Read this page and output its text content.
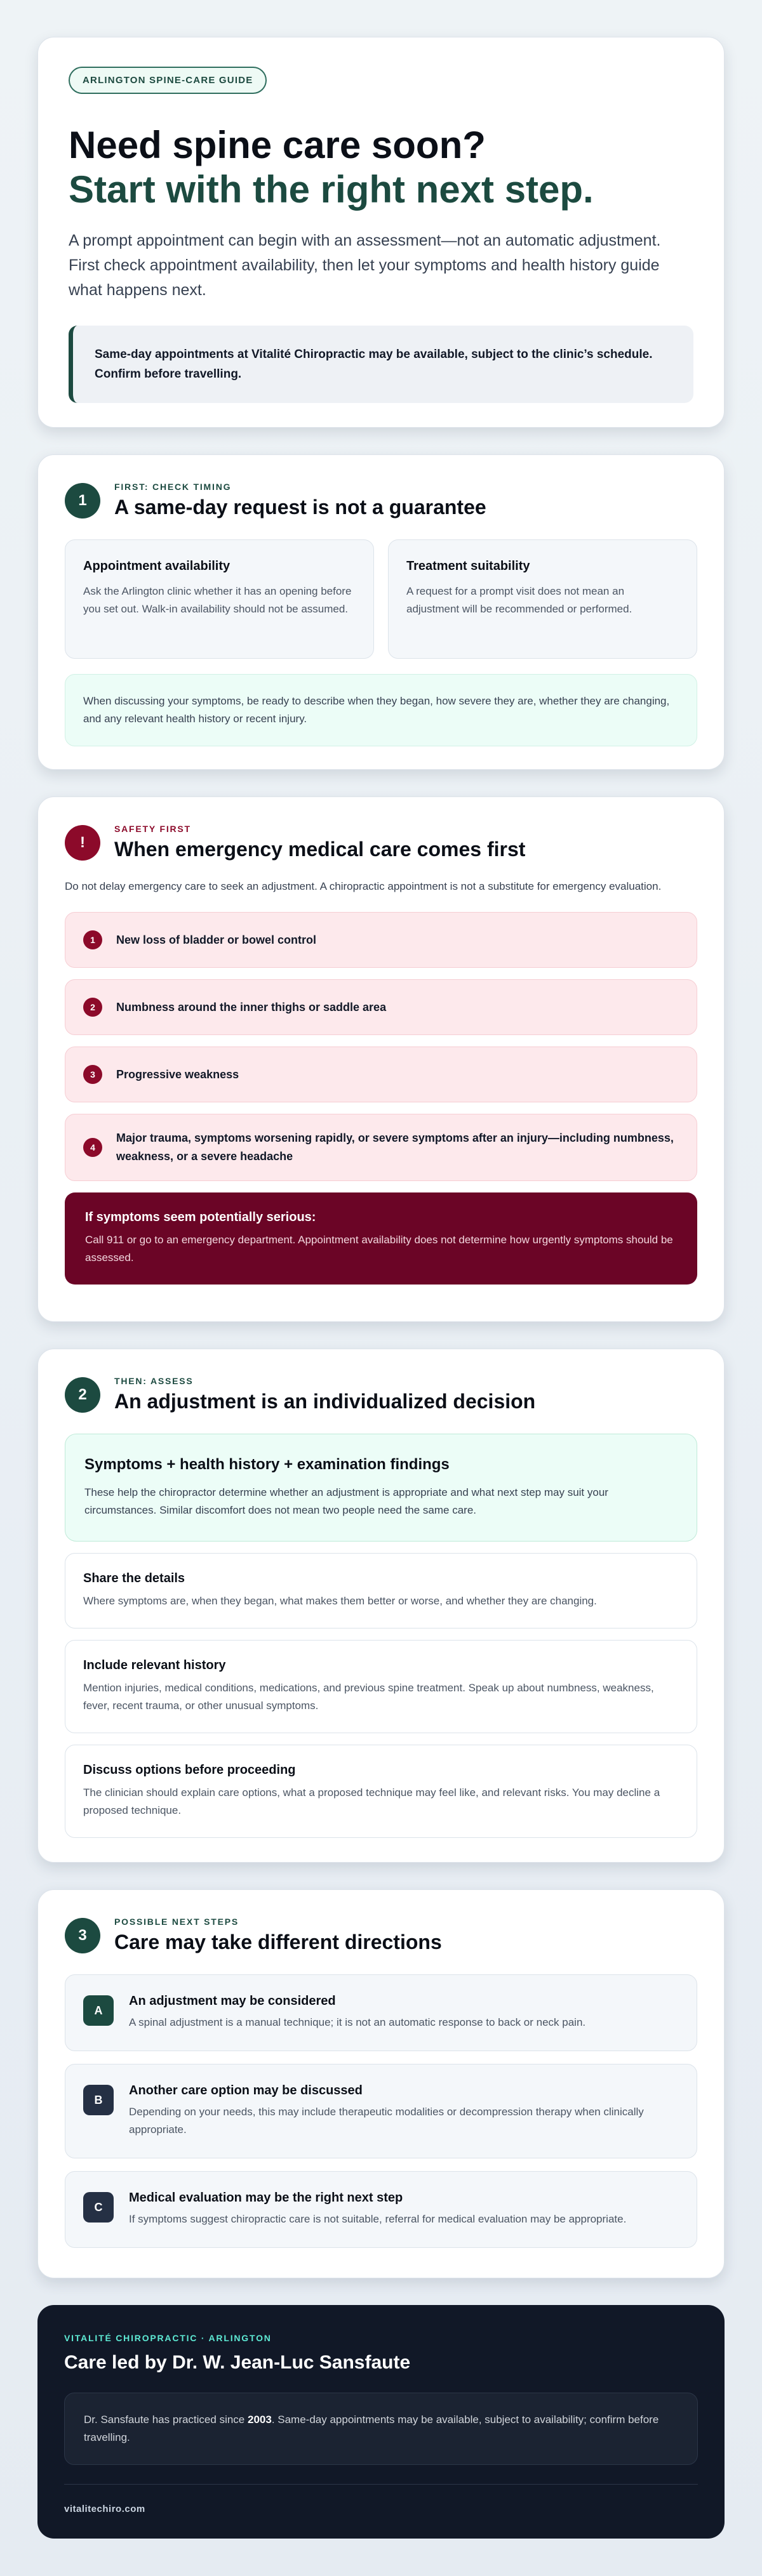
ARLINGTON SPINE-CARE GUIDE
Need spine care soon?
Start with the right next step.

A prompt appointment can begin with an assessment—not an automatic adjustment. First check appointment availability, then let your symptoms and health history guide what happens next.

Same-day appointments at Vitalité Chiropractic may be available, subject to the clinic’s schedule. Confirm before travelling.
1
FIRST: CHECK TIMING
A same-day request is not a guarantee
Appointment availability
Ask the Arlington clinic whether it has an opening before you set out. Walk-in availability should not be assumed.
Treatment suitability
A request for a prompt visit does not mean an adjustment will be recommended or performed.
When discussing your symptoms, be ready to describe when they began, how severe they are, whether they are changing, and any relevant health history or recent injury.
!
SAFETY FIRST
When emergency medical care comes first
Do not delay emergency care to seek an adjustment. A chiropractic appointment is not a substitute for emergency evaluation.
1	New loss of bladder or bowel control
2	Numbness around the inner thighs or saddle area
3	Progressive weakness
4
Major trauma, symptoms worsening rapidly, or severe symptoms after an injury—including numbness, weakness, or a severe headache
If symptoms seem potentially serious:
Call 911 or go to an emergency department. Appointment availability does not determine how urgently symptoms should be assessed.
2
THEN: ASSESS
An adjustment is an individualized decision
Symptoms + health history + examination findings
These help the chiropractor determine whether an adjustment is appropriate and what next step may suit your circumstances. Similar discomfort does not mean two people need the same care.
Share the details
Where symptoms are, when they began, what makes them better or worse, and whether they are changing.
Include relevant history
Mention injuries, medical conditions, medications, and previous spine treatment. Speak up about numbness, weakness, fever, recent trauma, or other unusual symptoms.
Discuss options before proceeding
The clinician should explain care options, what a proposed technique may feel like, and relevant risks. You may decline a proposed technique.
3
POSSIBLE NEXT STEPS
Care may take different directions
A
An adjustment may be considered
A spinal adjustment is a manual technique; it is not an automatic response to back or neck pain.
B
Another care option may be discussed
Depending on your needs, this may include therapeutic modalities or decompression therapy when clinically appropriate.
C
Medical evaluation may be the right next step
If symptoms suggest chiropractic care is not suitable, referral for medical evaluation may be appropriate.
VITALITÉ CHIROPRACTIC · ARLINGTON
Care led by Dr. W. Jean-Luc Sansfaute
Dr. Sansfaute has practiced since 2003. Same-day appointments may be available, subject to availability; confirm before travelling.
vitalitechiro.com
